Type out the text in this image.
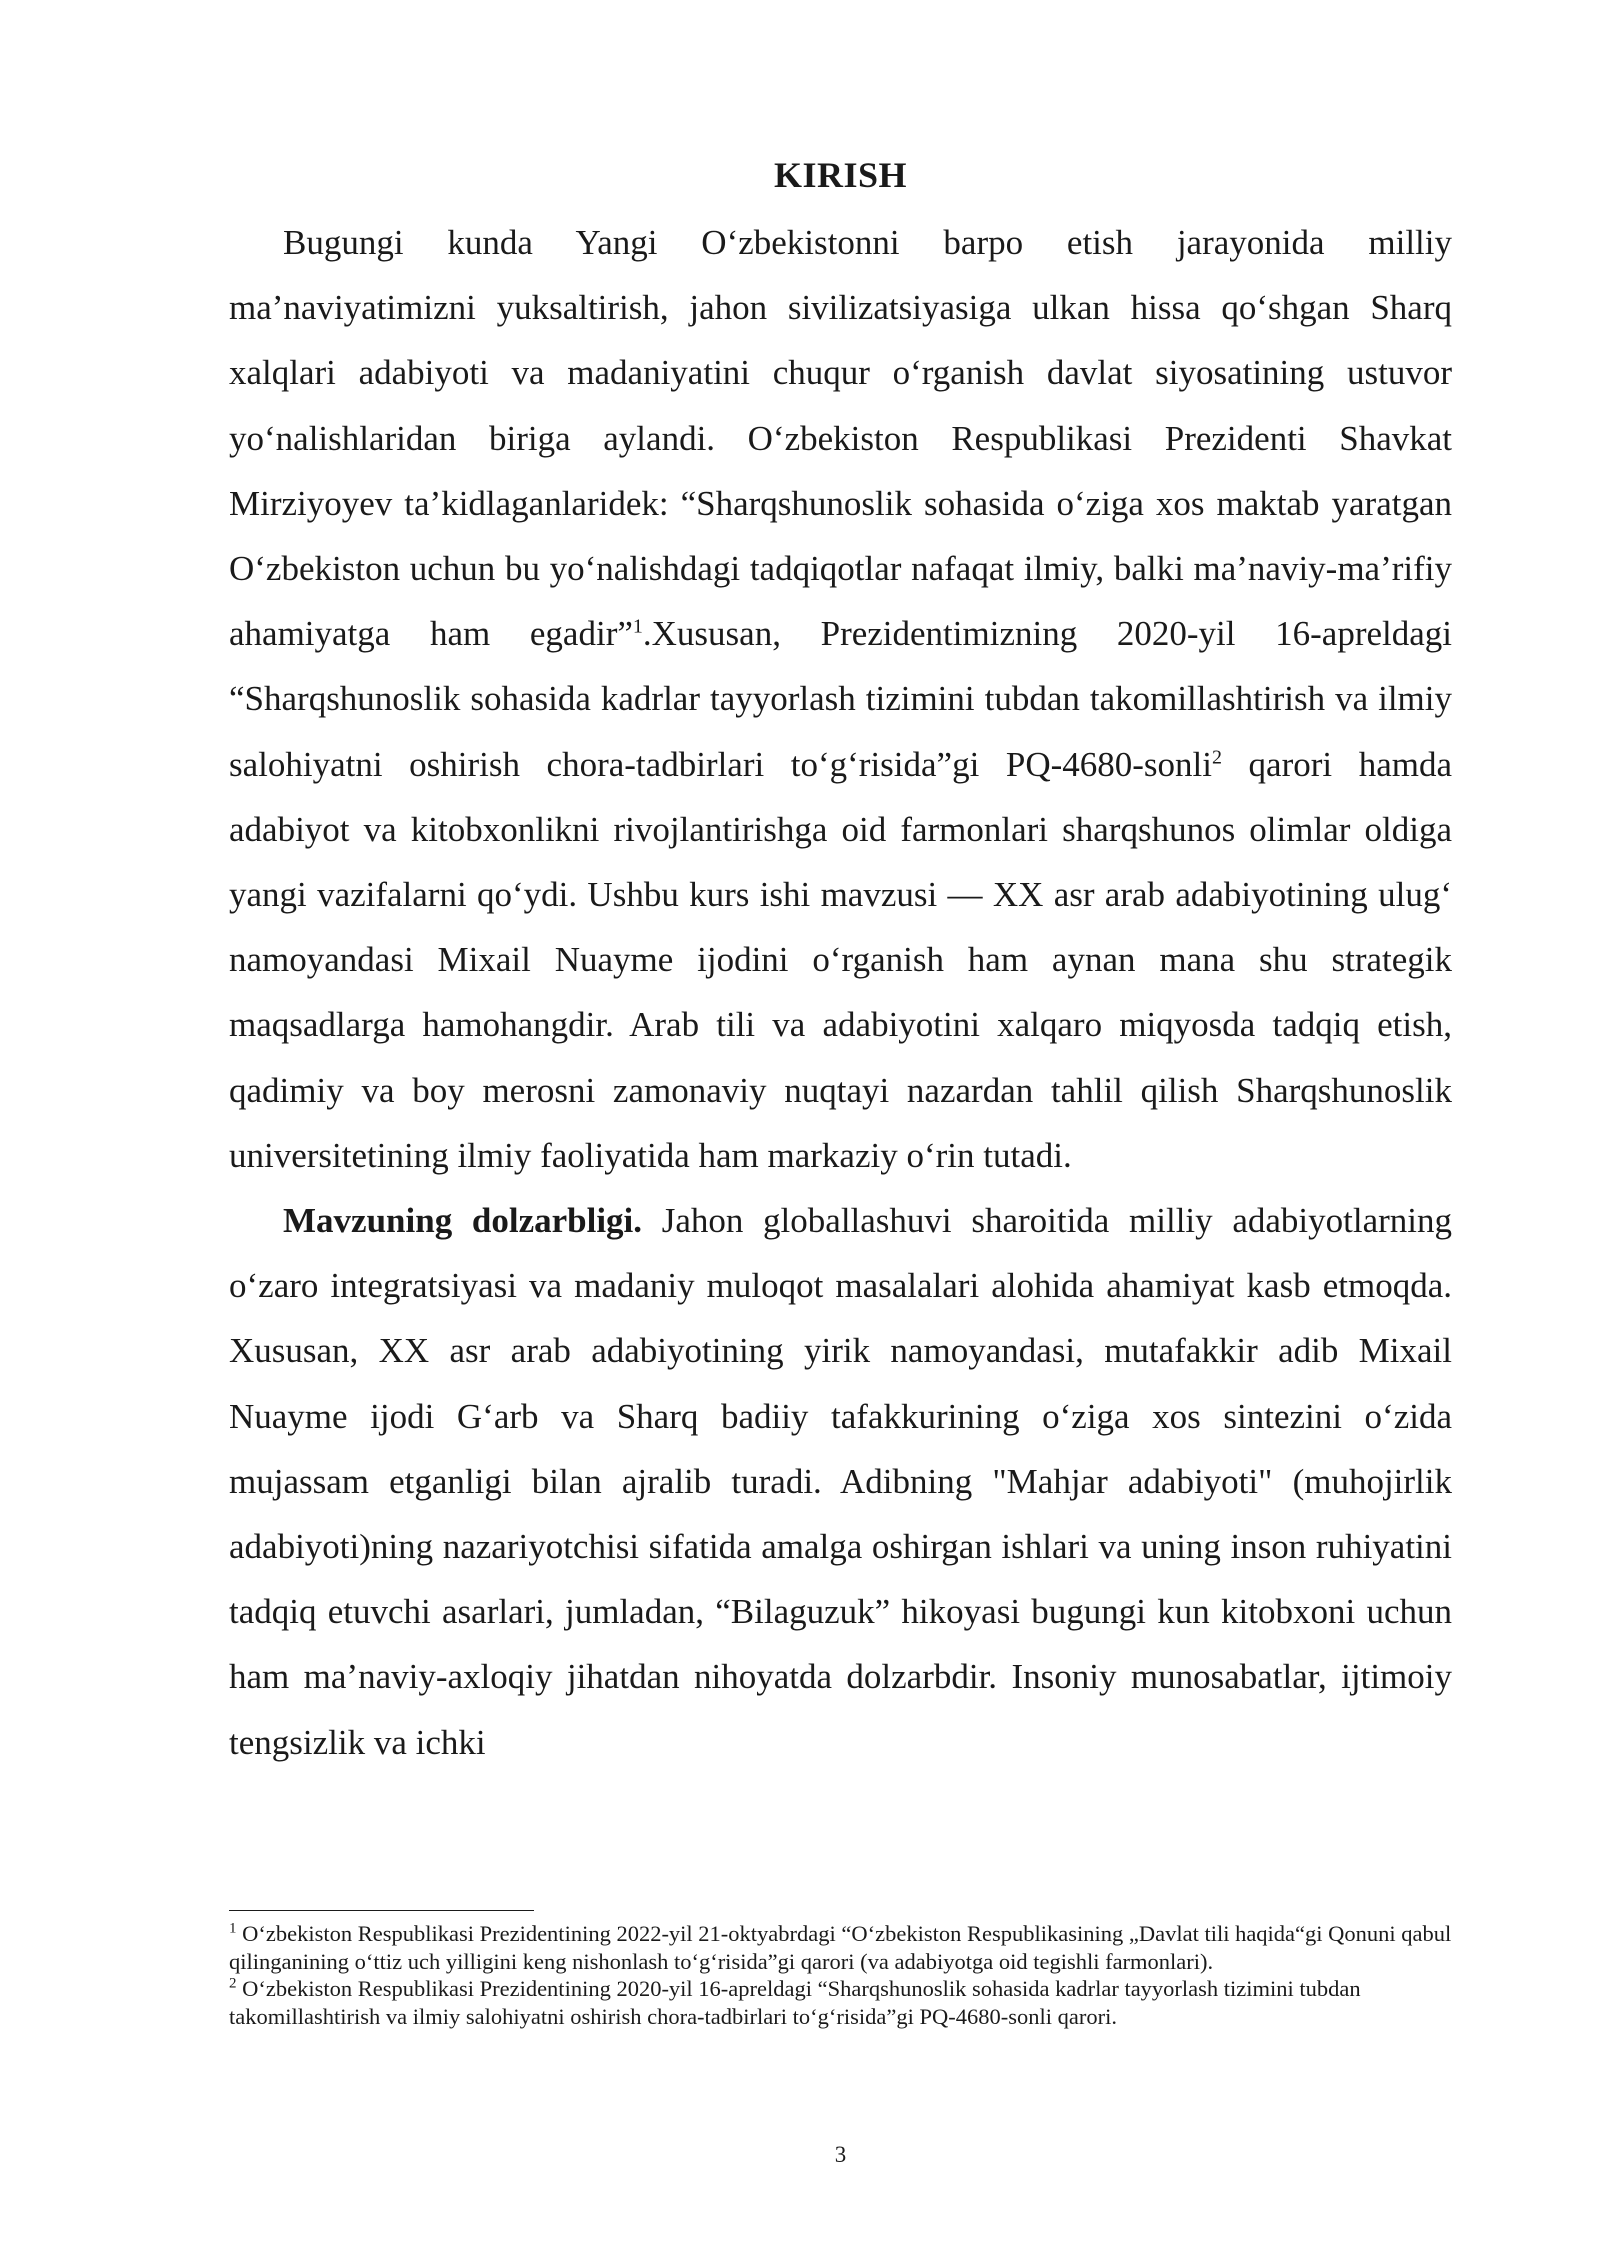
KIRISH

Bugungi kunda Yangi O‘zbekistonni barpo etish jarayonida milliy ma’naviyatimizni yuksaltirish, jahon sivilizatsiyasiga ulkan hissa qo‘shgan Sharq xalqlari adabiyoti va madaniyatini chuqur o‘rganish davlat siyosatining ustuvor yo‘nalishlaridan biriga aylandi. O‘zbekiston Respublikasi Prezidenti Shavkat Mirziyoyev ta’kidlaganlaridek: “Sharqshunoslik sohasida o‘ziga xos maktab yaratgan O‘zbekiston uchun bu yo‘nalishdagi tadqiqotlar nafaqat ilmiy, balki ma’naviy-ma’rifiy ahamiyatga ham egadir”$^1$.Xususan, Prezidentimizning 2020-yil 16-apreldagi “Sharqshunoslik sohasida kadrlar tayyorlash tizimini tubdan takomillashtirish va ilmiy salohiyatni oshirish chora-tadbirlari to‘g‘risida”gi PQ-4680-sonli$^2$ qarori hamda adabiyot va kitobxonlikni rivojlantirishga oid farmonlari sharqshunos olimlar oldiga yangi vazifalarni qo‘ydi. Ushbu kurs ishi mavzusi — XX asr arab adabiyotining ulug‘ namoyandasi Mixail Nuayme ijodini o‘rganish ham aynan mana shu strategik maqsadlarga hamohangdir. Arab tili va adabiyotini xalqaro miqyosda tadqiq etish, qadimiy va boy merosni zamonaviy nuqtayi nazardan tahlil qilish Sharqshunoslik universitetining ilmiy faoliyatida ham markaziy o‘rin tutadi.

Mavzuning dolzarbligi. Jahon globallashuvi sharoitida milliy adabiyotlarning o‘zaro integratsiyasi va madaniy muloqot masalalari alohida ahamiyat kasb etmoqda. Xususan, XX asr arab adabiyotining yirik namoyandasi, mutafakkir adib Mixail Nuayme ijodi G‘arb va Sharq badiiy tafakkurining o‘ziga xos sintezini o‘zida mujassam etganligi bilan ajralib turadi. Adibning "Mahjar adabiyoti" (muhojirlik adabiyoti)ning nazariyotchisi sifatida amalga oshirgan ishlari va uning inson ruhiyatini tadqiq etuvchi asarlari, jumladan, “Bilaguzuk” hikoyasi bugungi kun kitobxoni uchun ham ma’naviy-axloqiy jihatdan nihoyatda dolzarbdir. Insoniy munosabatlar, ijtimoiy tengsizlik va ichki

$^1$ O‘zbekiston Respublikasi Prezidentining 2022-yil 21-oktyabrdagi “O‘zbekiston Respublikasining „Davlat tili haqida“gi Qonuni qabul qilinganining o‘ttiz uch yilligini keng nishonlash to‘g‘risida”gi qarori (va adabiyotga oid tegishli farmonlari).

$^2$ O‘zbekiston Respublikasi Prezidentining 2020-yil 16-apreldagi “Sharqshunoslik sohasida kadrlar tayyorlash tizimini tubdan takomillashtirish va ilmiy salohiyatni oshirish chora-tadbirlari to‘g‘risida”gi PQ-4680-sonli qarori.

3
